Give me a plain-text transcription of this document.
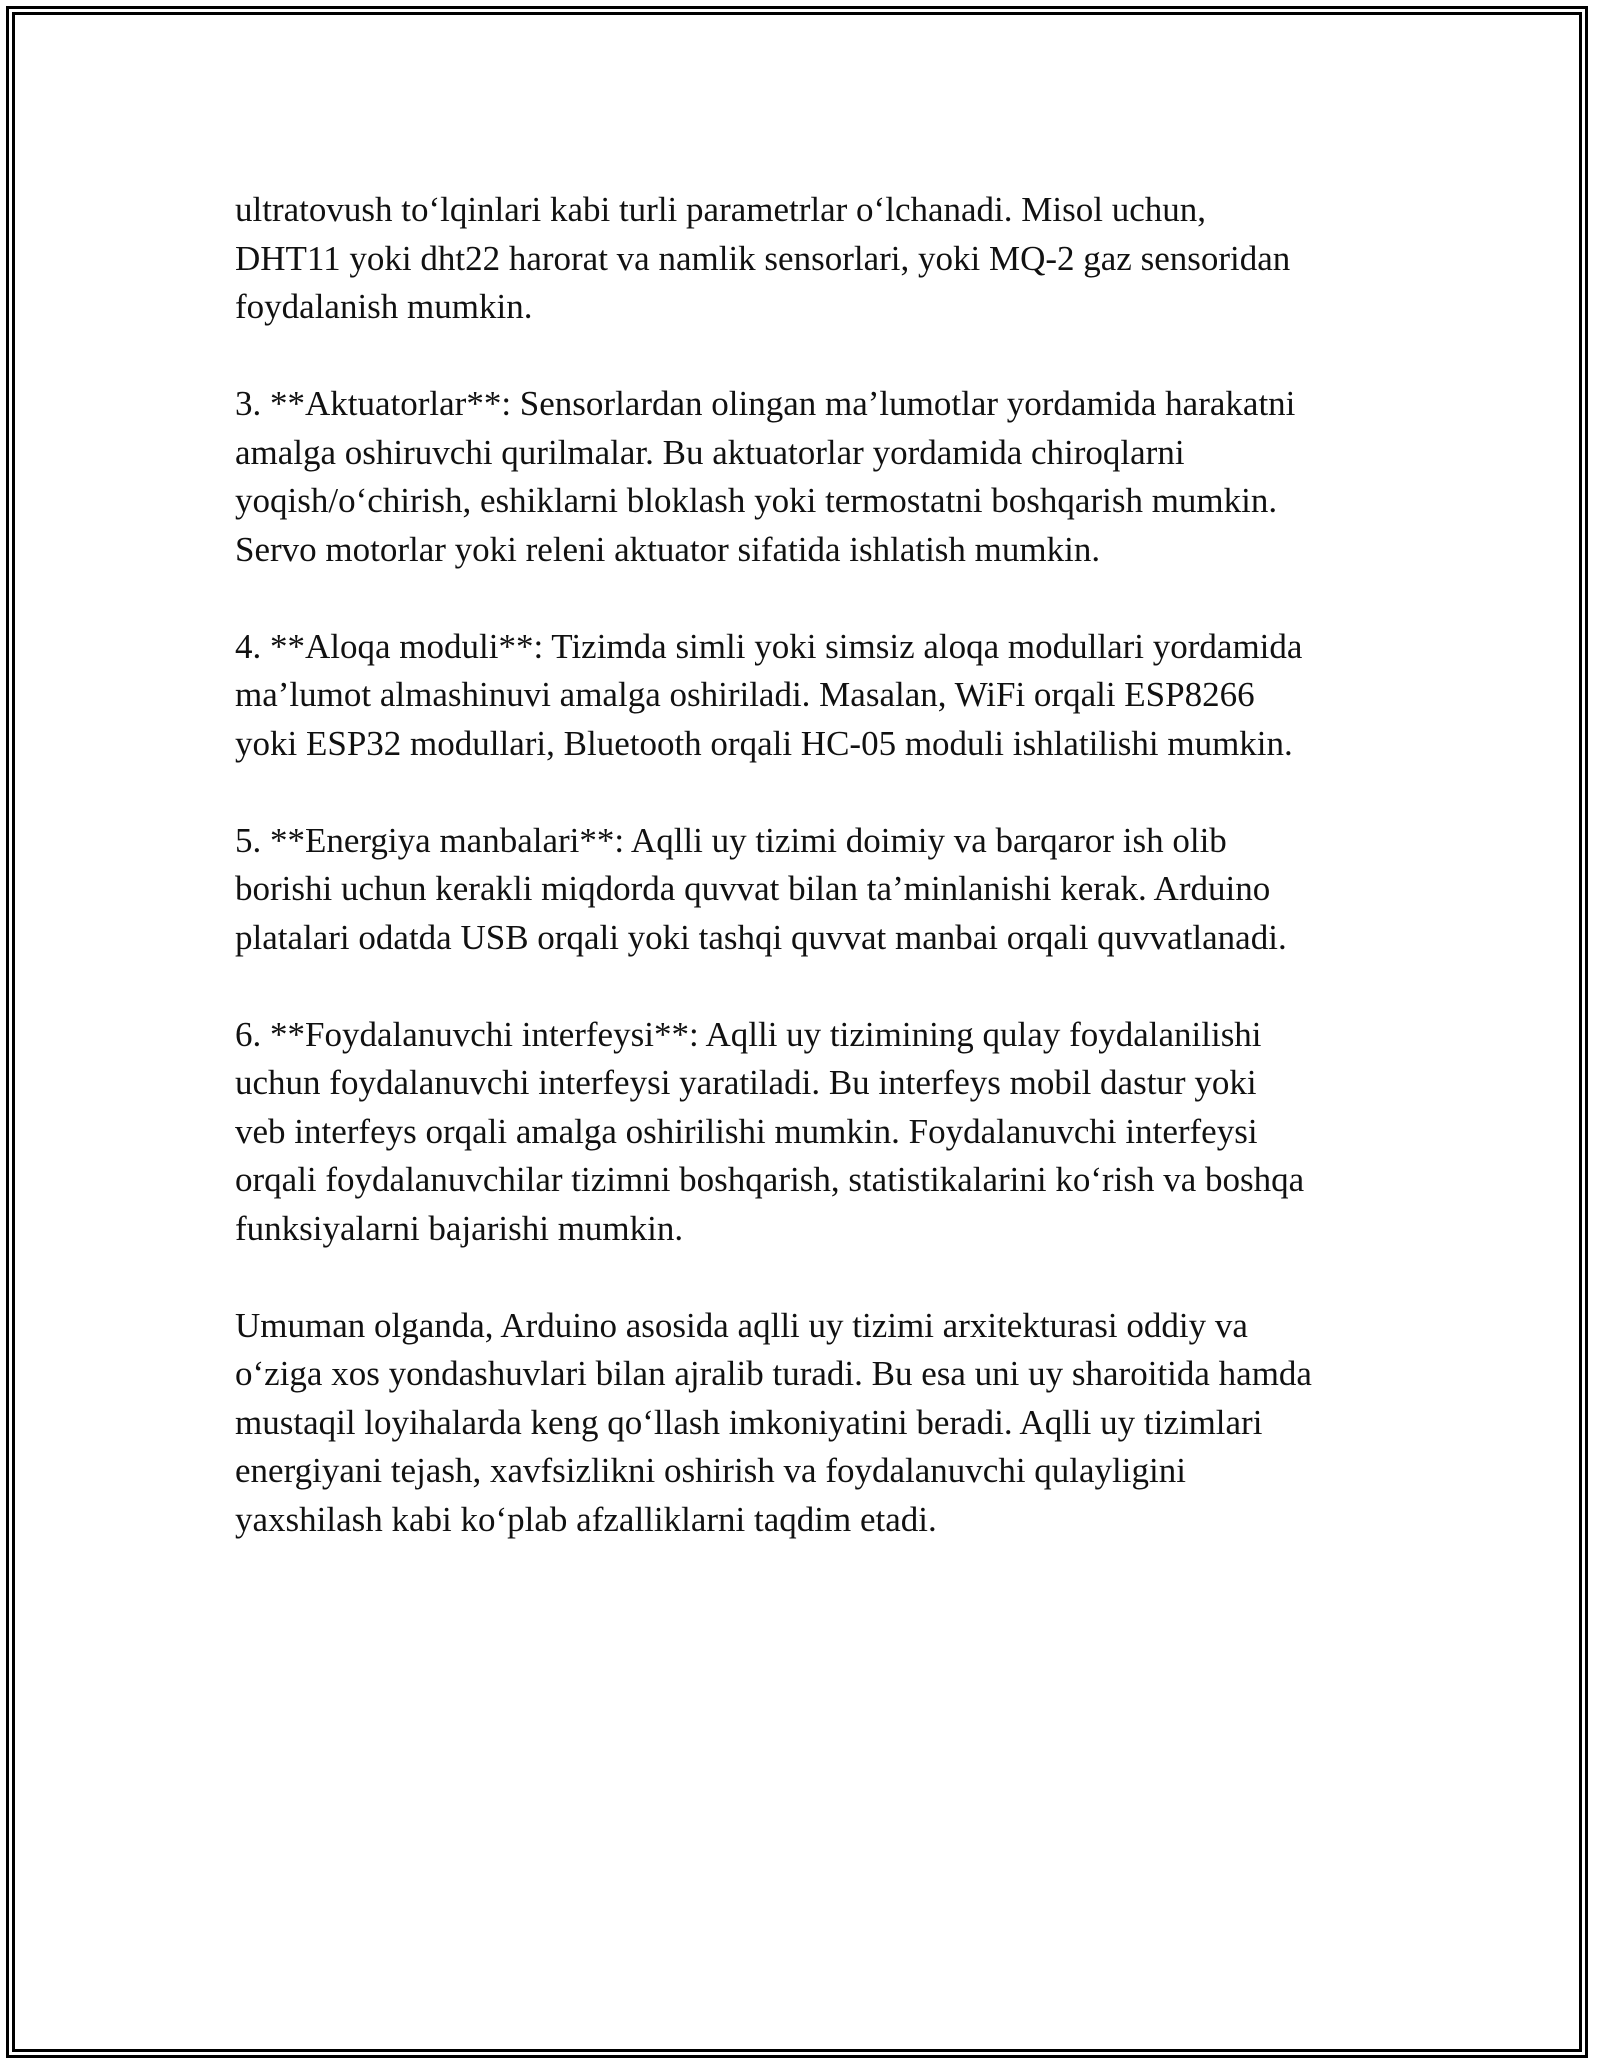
ultratovush to‘lqinlari kabi turli parametrlar o‘lchanadi. Misol uchun,
DHT11 yoki dht22 harorat va namlik sensorlari, yoki MQ-2 gaz sensoridan
foydalanish mumkin.

3. **Aktuatorlar**: Sensorlardan olingan ma’lumotlar yordamida harakatni
amalga oshiruvchi qurilmalar. Bu aktuatorlar yordamida chiroqlarni
yoqish/o‘chirish, eshiklarni bloklash yoki termostatni boshqarish mumkin.
Servo motorlar yoki releni aktuator sifatida ishlatish mumkin.

4. **Aloqa moduli**: Tizimda simli yoki simsiz aloqa modullari yordamida
ma’lumot almashinuvi amalga oshiriladi. Masalan, WiFi orqali ESP8266
yoki ESP32 modullari, Bluetooth orqali HC-05 moduli ishlatilishi mumkin.

5. **Energiya manbalari**: Aqlli uy tizimi doimiy va barqaror ish olib
borishi uchun kerakli miqdorda quvvat bilan ta’minlanishi kerak. Arduino
platalari odatda USB orqali yoki tashqi quvvat manbai orqali quvvatlanadi.

6. **Foydalanuvchi interfeysi**: Aqlli uy tizimining qulay foydalanilishi
uchun foydalanuvchi interfeysi yaratiladi. Bu interfeys mobil dastur yoki
veb interfeys orqali amalga oshirilishi mumkin. Foydalanuvchi interfeysi
orqali foydalanuvchilar tizimni boshqarish, statistikalarini ko‘rish va boshqa
funksiyalarni bajarishi mumkin.

Umuman olganda, Arduino asosida aqlli uy tizimi arxitekturasi oddiy va
o‘ziga xos yondashuvlari bilan ajralib turadi. Bu esa uni uy sharoitida hamda
mustaqil loyihalarda keng qo‘llash imkoniyatini beradi. Aqlli uy tizimlari
energiyani tejash, xavfsizlikni oshirish va foydalanuvchi qulayligini
yaxshilash kabi ko‘plab afzalliklarni taqdim etadi.
